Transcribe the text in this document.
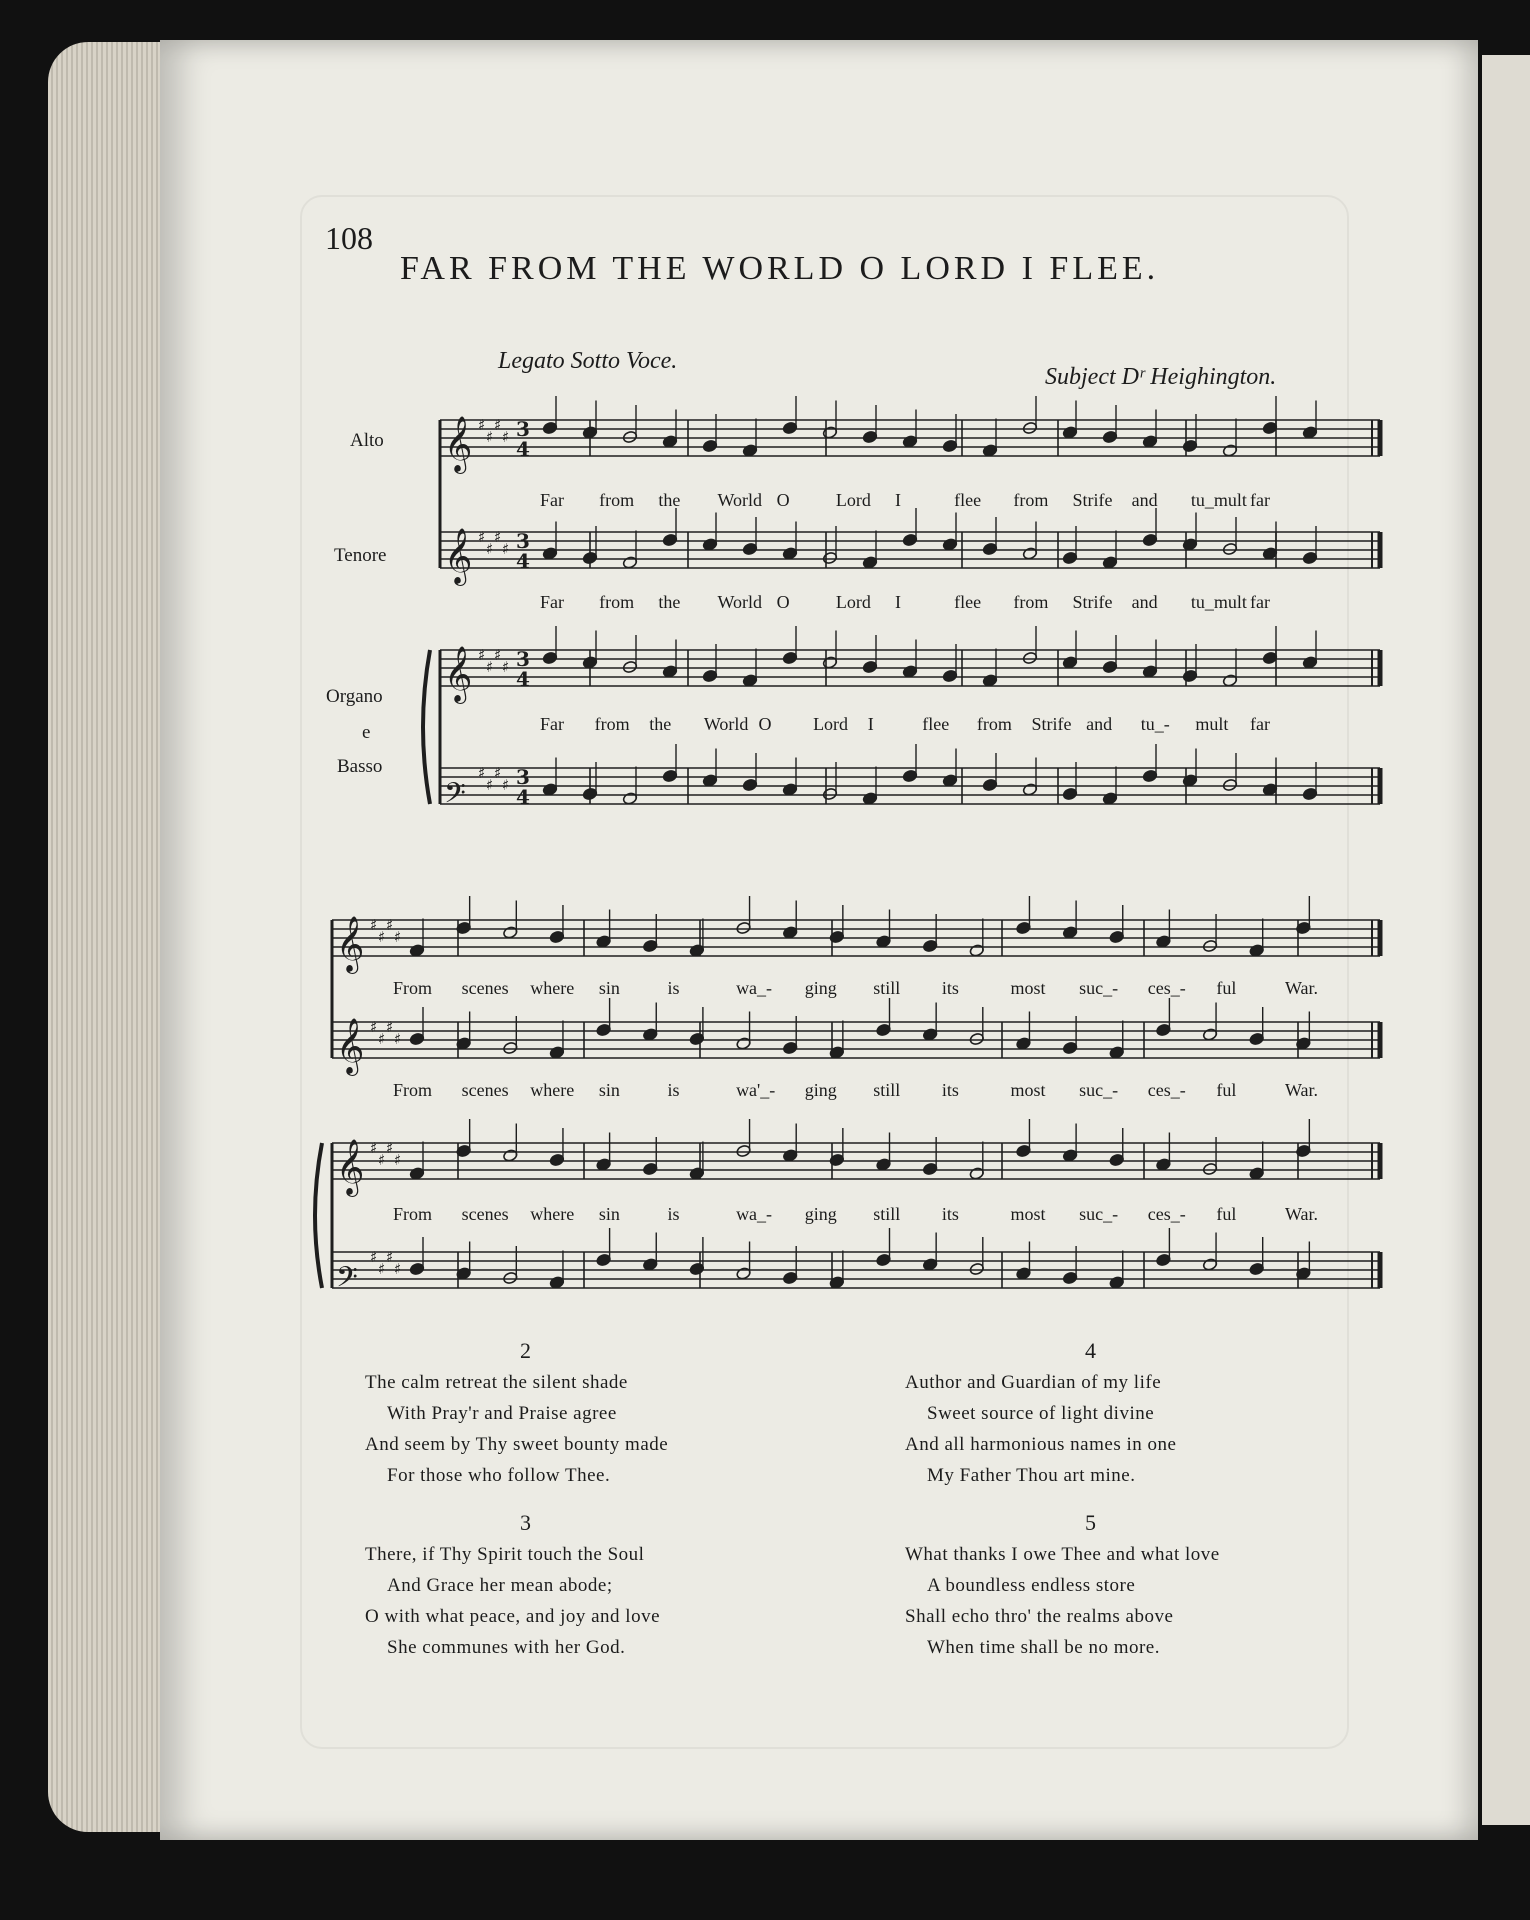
108
FAR FROM THE WORLD O LORD I FLEE.
Legato Sotto Voce.
Subject Dʳ Heighington.
Alto
Tenore
Organo
e
Basso
𝄞 ♯
♯
♯
♯ 3
4
𝄞 ♯
♯
♯
♯ 3
4
𝄞 ♯
♯
♯
♯ 3
4
𝄢
♯
♯
♯
♯ 3
4
𝄞 ♯
♯
♯
♯
𝄞 ♯
♯
♯
♯
𝄞 ♯
♯
♯
♯
𝄢
♯
♯
♯
♯
Far from the World O	Lord I	flee from Strife and tu_mult far
Far from the World O	Lord I	flee from Strife and tu_mult far
Far from the World O Lord I	flee from Strife and tu_- mult far
From scenes where sin	is	wa_- ging still its	most suc_- ces_- ful	War.
From scenes where sin	is	wa'_- ging still its	most suc_- ces_- ful	War.
From scenes where sin	is	wa_- ging still its	most suc_- ces_- ful	War.
2
The calm retreat the silent shade
With Pray'r and Praise agree
And seem by Thy sweet bounty made
For those who follow Thee.
4
Author and Guardian of my life
Sweet source of light divine
And all harmonious names in one
My Father Thou art mine.
3
There, if Thy Spirit touch the Soul
And Grace her mean abode;
O with what peace, and joy and love
She communes with her God.
5
What thanks I owe Thee and what love
A boundless endless store
Shall echo thro' the realms above
When time shall be no more.
